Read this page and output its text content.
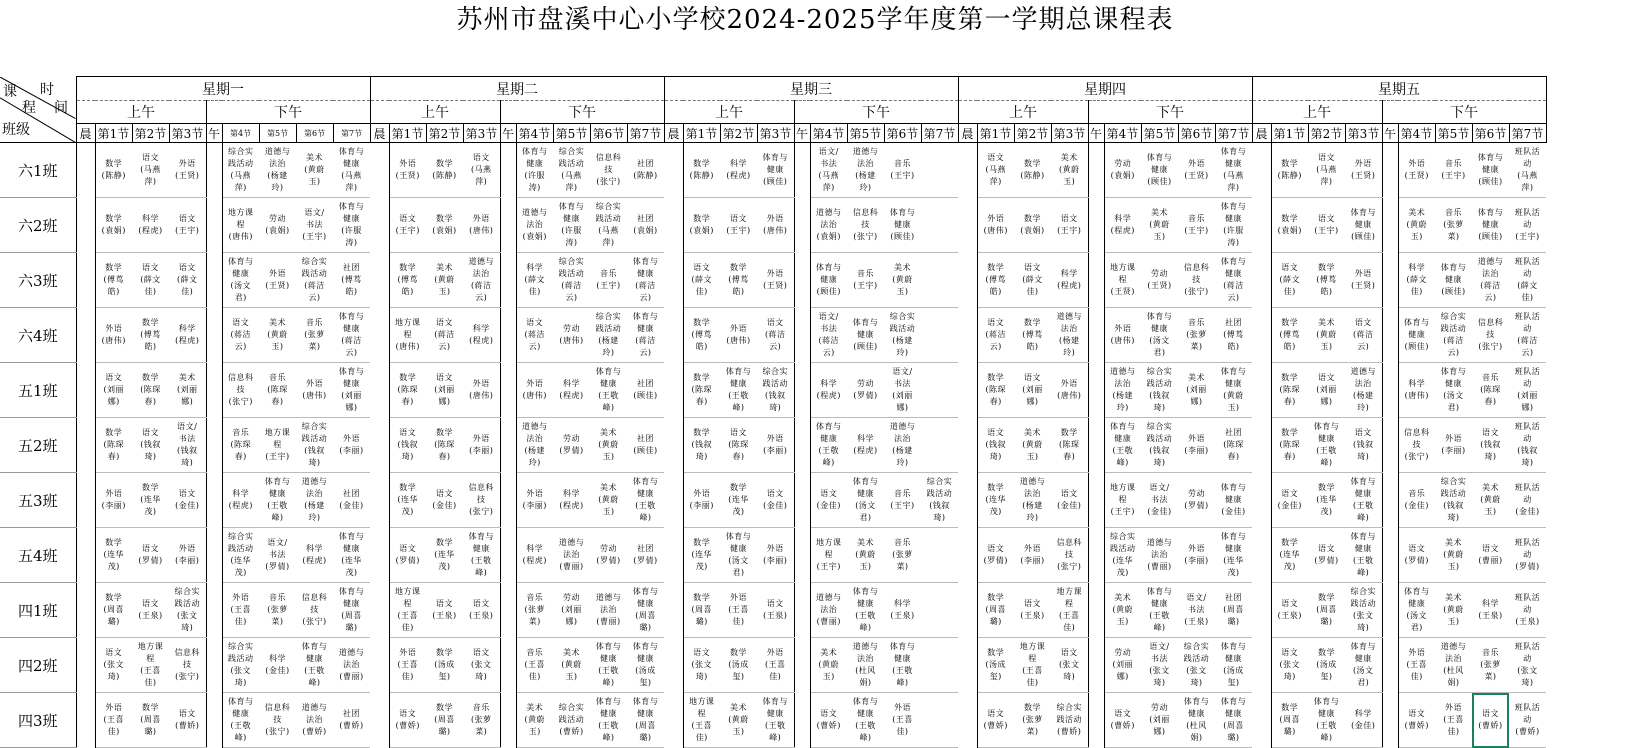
苏州市盘溪中心小学校2024-2025学年度第一学期总课程表
课 时
程 间
班级	星期一									星期二									星期三									星期四									星期五								
	上午				下午					上午				下午					上午				下午					上午				下午					上午				下午				
	晨	第1节	第2节	第3节	午	第4节	第5节	第6节	第7节	晨	第1节	第2节	第3节	午	第4节	第5节	第6节	第7节	晨	第1节	第2节	第3节	午	第4节	第5节	第6节	第7节	晨	第1节	第2节	第3节	午	第4节	第5节	第6节	第7节	晨	第1节	第2节	第3节	午	第4节	第5节	第6节	第7节
六1班		数学
(陈静)	语文
(马燕
萍)	外语
(王贤)		综合实
践活动
(马燕
萍)	道德与
法治
(杨建
玲)	美术
(黄蔚
玉)	体育与
健康
(马燕
萍)		外语
(王贤)	数学
(陈静)	语文
(马燕
萍)		体育与
健康
(许服
涛)	综合实
践活动
(马燕
萍)	信息科
技
(张宁)	社团
(陈静)		数学
(陈静)	科学
(程虎)	体育与
健康
(顾佳)		语文/
书法
(马燕
萍)	道德与
法治
(杨建
玲)	音乐
(王宇)			语文
(马燕
萍)	数学
(陈静)	美术
(黄蔚
玉)		劳动
(袁娟)	体育与
健康
(顾佳)	外语
(王贤)	体育与
健康
(马燕
萍)		数学
(陈静)	语文
(马燕
萍)	外语
(王贤)		外语
(王贤)	音乐
(王宇)	体育与
健康
(顾佳)	班队活
动
(马燕
萍)
六2班		数学
(袁娟)	科学
(程虎)	语文
(王宇)		地方课
程
(唐伟)	劳动
(袁娟)	语文/
书法
(王宇)	体育与
健康
(许服
涛)		语文
(王宇)	数学
(袁娟)	外语
(唐伟)		道德与
法治
(袁娟)	体育与
健康
(许服
涛)	综合实
践活动
(马燕
萍)	社团
(袁娟)		数学
(袁娟)	语文
(王宇)	外语
(唐伟)		道德与
法治
(袁娟)	信息科
技
(张宁)	体育与
健康
(顾佳)			外语
(唐伟)	数学
(袁娟)	语文
(王宇)		科学
(程虎)	美术
(黄蔚
玉)	音乐
(王宇)	体育与
健康
(许服
涛)		数学
(袁娟)	语文
(王宇)	体育与
健康
(顾佳)		美术
(黄蔚
玉)	音乐
(张萝
菜)	体育与
健康
(顾佳)	班队活
动
(王宇)
六3班		数学
(傅茑
皓)	语文
(薛文
佳)	语文
(薛文
佳)		体育与
健康
(汤文
君)	外语
(王贤)	综合实
践活动
(蒋洁
云)	社团
(傅茑
皓)		数学
(傅茑
皓)	美术
(黄蔚
玉)	道德与
法治
(蒋洁
云)		科学
(薛文
佳)	综合实
践活动
(蒋洁
云)	音乐
(王宇)	体育与
健康
(蒋洁
云)		语文
(薛文
佳)	数学
(傅茑
皓)	外语
(王贤)		体育与
健康
(顾佳)	音乐
(王宇)	美术
(黄蔚
玉)			数学
(傅茑
皓)	语文
(薛文
佳)	科学
(程虎)		地方课
程
(王贤)	劳动
(王贤)	信息科
技
(张宁)	体育与
健康
(蒋洁
云)		语文
(薛文
佳)	数学
(傅茑
皓)	外语
(王贤)		科学
(薛文
佳)	体育与
健康
(顾佳)	道德与
法治
(蒋洁
云)	班队活
动
(薛文
佳)
六4班		外语
(唐伟)	数学
(傅茑
皓)	科学
(程虎)		语文
(蒋洁
云)	美术
(黄蔚
玉)	音乐
(张萝
菜)	体育与
健康
(蒋洁
云)		地方课
程
(唐伟)	语文
(蒋洁
云)	科学
(程虎)		语文
(蒋洁
云)	劳动
(唐伟)	综合实
践活动
(杨建
玲)	体育与
健康
(蒋洁
云)		数学
(傅茑
皓)	外语
(唐伟)	语文
(蒋洁
云)		语文/
书法
(蒋洁
云)	体育与
健康
(顾佳)	综合实
践活动
(杨建
玲)			语文
(蒋洁
云)	数学
(傅茑
皓)	道德与
法治
(杨建
玲)		外语
(唐伟)	体育与
健康
(汤文
君)	音乐
(张萝
菜)	社团
(傅茑
皓)		数学
(傅茑
皓)	美术
(黄蔚
玉)	语文
(蒋洁
云)		体育与
健康
(顾佳)	综合实
践活动
(蒋洁
云)	信息科
技
(张宁)	班队活
动
(蒋洁
云)
五1班		语文
(刘丽
娜)	数学
(陈琛
春)	美术
(刘丽
娜)		信息科
技
(张宁)	音乐
(陈琛
春)	外语
(唐伟)	体育与
健康
(刘丽
娜)		数学
(陈琛
春)	语文
(刘丽
娜)	外语
(唐伟)		外语
(唐伟)	科学
(程虎)	体育与
健康
(王敬
峰)	社团
(顾佳)		数学
(陈琛
春)	体育与
健康
(王敬
峰)	综合实
践活动
(钱叙
琦)		科学
(程虎)	劳动
(罗倩)	语文/
书法
(刘丽
娜)			数学
(陈琛
春)	语文
(刘丽
娜)	外语
(唐伟)		道德与
法治
(杨建
玲)	综合实
践活动
(钱叙
琦)	美术
(刘丽
娜)	体育与
健康
(黄蔚
玉)		数学
(陈琛
春)	语文
(刘丽
娜)	道德与
法治
(杨建
玲)		科学
(唐伟)	体育与
健康
(汤文
君)	音乐
(陈琛
春)	班队活
动
(刘丽
娜)
五2班		数学
(陈琛
春)	语文
(钱叙
琦)	语文/
书法
(钱叙
琦)		音乐
(陈琛
春)	地方课
程
(王宇)	综合实
践活动
(钱叙
琦)	外语
(李丽)		语文
(钱叙
琦)	数学
(陈琛
春)	外语
(李丽)		道德与
法治
(杨建
玲)	劳动
(罗倩)	美术
(黄蔚
玉)	社团
(顾佳)		数学
(钱叙
琦)	语文
(陈琛
春)	外语
(李丽)		体育与
健康
(王敬
峰)	科学
(程虎)	道德与
法治
(杨建
玲)			语文
(钱叙
琦)	美术
(黄蔚
玉)	数学
(陈琛
春)		体育与
健康
(王敬
峰)	综合实
践活动
(钱叙
琦)	外语
(李丽)	社团
(陈琛
春)		数学
(陈琛
春)	体育与
健康
(王敬
峰)	语文
(钱叙
琦)		信息科
技
(张宁)	外语
(李丽)	语文
(钱叙
琦)	班队活
动
(钱叙
琦)
五3班		外语
(李丽)	数学
(连华
茂)	语文
(金佳)		科学
(程虎)	体育与
健康
(王敬
峰)	道德与
法治
(杨建
玲)	社团
(金佳)		数学
(连华
茂)	语文
(金佳)	信息科
技
(张宁)		外语
(李丽)	科学
(程虎)	美术
(黄蔚
玉)	体育与
健康
(王敬
峰)		外语
(李丽)	数学
(连华
茂)	语文
(金佳)		语文
(金佳)	体育与
健康
(汤文
君)	音乐
(王宇)	综合实
践活动
(钱叙
琦)		数学
(连华
茂)	道德与
法治
(杨建
玲)	语文
(金佳)		地方课
程
(王宇)	语文/
书法
(金佳)	劳动
(罗倩)	体育与
健康
(金佳)		语文
(金佳)	数学
(连华
茂)	体育与
健康
(王敬
峰)		音乐
(金佳)	综合实
践活动
(钱叙
琦)	美术
(黄蔚
玉)	班队活
动
(金佳)
五4班		数学
(连华
茂)	语文
(罗倩)	外语
(李丽)		综合实
践活动
(连华
茂)	语文/
书法
(罗倩)	科学
(程虎)	体育与
健康
(连华
茂)		语文
(罗倩)	数学
(连华
茂)	体育与
健康
(王敬
峰)		科学
(程虎)	道德与
法治
(曹丽)	劳动
(罗倩)	社团
(罗倩)		数学
(连华
茂)	体育与
健康
(汤文
君)	外语
(李丽)		地方课
程
(王宇)	美术
(黄蔚
玉)	音乐
(张萝
菜)			语文
(罗倩)	外语
(李丽)	信息科
技
(张宁)		综合实
践活动
(连华
茂)	道德与
法治
(曹丽)	外语
(李丽)	体育与
健康
(连华
茂)		数学
(连华
茂)	语文
(罗倩)	体育与
健康
(王敬
峰)		语文
(罗倩)	美术
(黄蔚
玉)	语文
(曹丽)	班队活
动
(罗倩)
四1班		数学
(周喜
璐)	语文
(王泉)	综合实
践活动
(张文
琦)		外语
(王喜
佳)	音乐
(张萝
菜)	信息科
技
(张宁)	体育与
健康
(周喜
璐)		地方课
程
(王喜
佳)	语文
(王泉)	语文
(王泉)		音乐
(张萝
菜)	劳动
(刘丽
娜)	道德与
法治
(曹丽)	体育与
健康
(周喜
璐)		数学
(周喜
璐)	外语
(王喜
佳)	语文
(王泉)		道德与
法治
(曹丽)	体育与
健康
(王敬
峰)	科学
(王泉)			数学
(周喜
璐)	语文
(王泉)	地方课
程
(王喜
佳)		美术
(黄蔚
玉)	体育与
健康
(王敬
峰)	语文/
书法
(王泉)	社团
(周喜
璐)		语文
(王泉)	数学
(周喜
璐)	综合实
践活动
(张文
琦)		体育与
健康
(汤文
君)	美术
(黄蔚
玉)	科学
(王泉)	班队活
动
(王泉)
四2班		语文
(张文
琦)	地方课
程
(王喜
佳)	信息科
技
(张宁)		综合实
践活动
(张文
琦)	科学
(金佳)	体育与
健康
(王敬
峰)	道德与
法治
(曹丽)		外语
(王喜
佳)	数学
(汤成
玺)	语文
(张文
琦)		音乐
(王喜
佳)	美术
(黄蔚
玉)	体育与
健康
(王敬
峰)	体育与
健康
(汤成
玺)		语文
(张文
琦)	数学
(汤成
玺)	外语
(王喜
佳)		美术
(黄蔚
玉)	道德与
法治
(杜风
娟)	体育与
健康
(王敬
峰)			数学
(汤成
玺)	地方课
程
(王喜
佳)	语文
(张文
琦)		劳动
(刘丽
娜)	语文/
书法
(张文
琦)	综合实
践活动
(张文
琦)	体育与
健康
(汤成
玺)		语文
(张文
琦)	数学
(汤成
玺)	体育与
健康
(汤文
君)		外语
(王喜
佳)	道德与
法治
(杜风
娟)	音乐
(张萝
菜)	班队活
动
(张文
琦)
四3班		外语
(王喜
佳)	数学
(周喜
璐)	语文
(曹娇)		体育与
健康
(王敬
峰)	信息科
技
(张宁)	道德与
法治
(曹娇)	社团
(曹娇)		语文
(曹娇)	数学
(周喜
璐)	音乐
(张萝
菜)		美术
(黄蔚
玉)	综合实
践活动
(曹娇)	体育与
健康
(王敬
峰)	体育与
健康
(周喜
璐)		地方课
程
(王喜
佳)	美术
(黄蔚
玉)	体育与
健康
(王敬
峰)		语文
(曹娇)	体育与
健康
(王敬
峰)	外语
(王喜
佳)			语文
(曹娇)	数学
(张萝
菜)	综合实
践活动
(曹娇)		语文
(曹娇)	劳动
(刘丽
娜)	体育与
健康
(杜风
娟)	体育与
健康
(周喜
璐)		数学
(周喜
璐)	体育与
健康
(王敬
峰)	科学
(金佳)		语文
(曹娇)	外语
(王喜
佳)	语文
(曹娇)	班队活
动
(曹娇)
